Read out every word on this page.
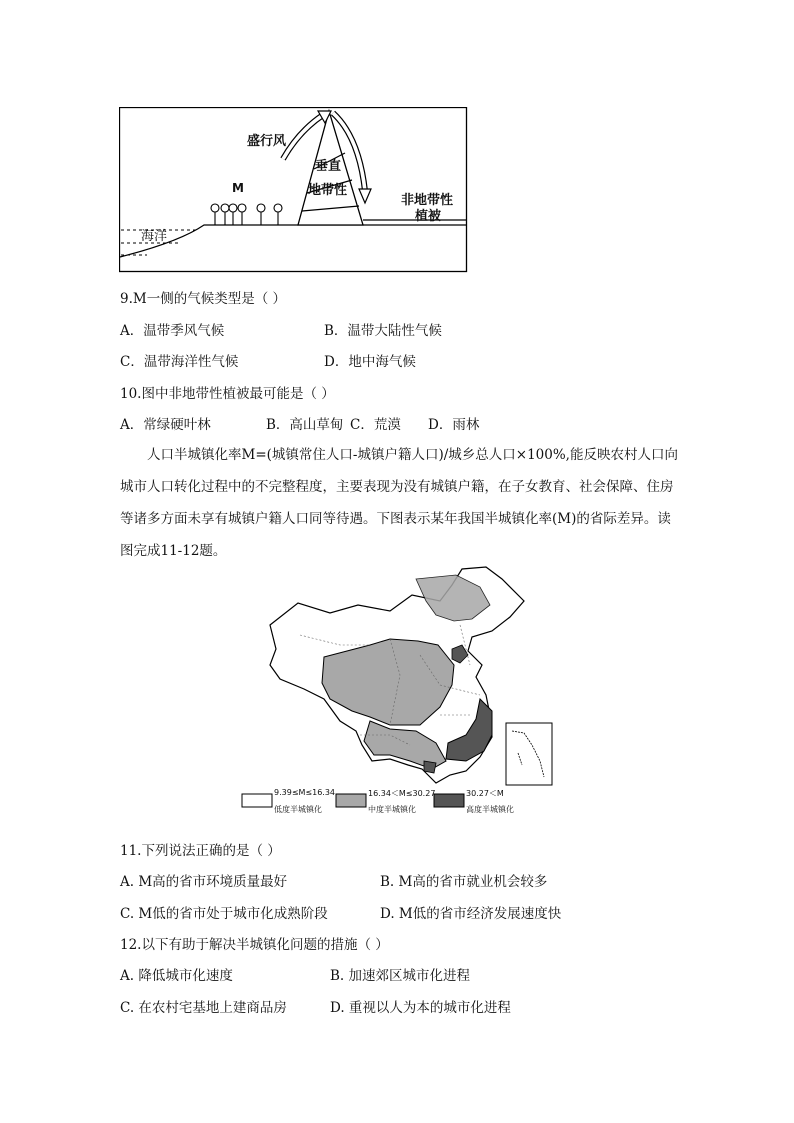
盛行风
M
垂直
地带性
海洋
非地带性
植被
9.M一侧的气候类型是（ ）
A．温带季风气候	B．温带大陆性气候
C．温带海洋性气候	D．地中海气候
10.图中非地带性植被最可能是（ ）
A．常绿硬叶林	B．高山草甸 C．荒漠 D．雨林
人口半城镇化率M=(城镇常住人口-城镇户籍人口)/城乡总人口×100%,能反映农村人口向城市人口转化过程中的不完整程度，主要表现为没有城镇户籍，在子女教育、社会保障、住房等诸多方面未享有城镇户籍人口同等待遇。下图表示某年我国半城镇化率(M)的省际差异。读图完成11-12题。
9.39≤M≤16.34
低度半城镇化
16.34＜M≤30.27
中度半城镇化
30.27＜M
高度半城镇化
11.下列说法正确的是（ ）
A. M高的省市环境质量最好	B. M高的省市就业机会较多
C. M低的省市处于城市化成熟阶段	D. M低的省市经济发展速度快
12.以下有助于解决半城镇化问题的措施（ ）
A. 降低城市化速度	B. 加速郊区城市化进程
C. 在农村宅基地上建商品房	D. 重视以人为本的城市化进程
